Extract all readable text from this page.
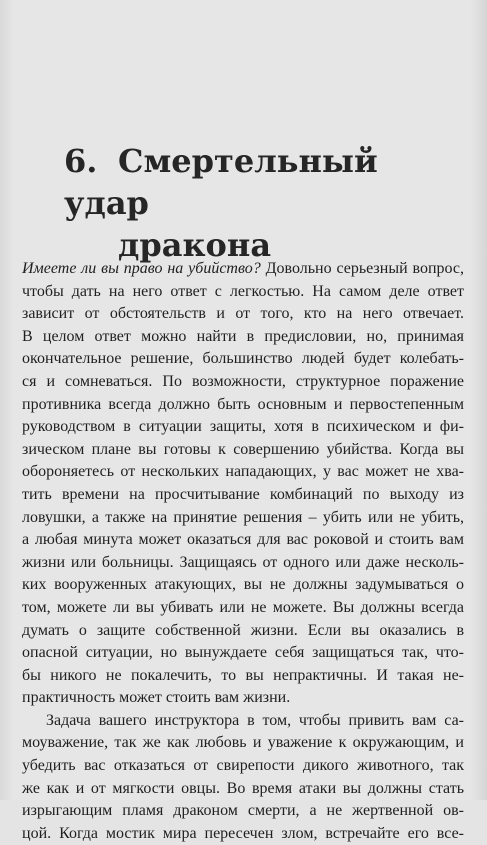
6. Смертельный удар
дракона

Имеете ли вы право на убийство? Довольно серьезный вопрос,
чтобы дать на него ответ с легкостью. На самом деле ответ
зависит от обстоятельств и от того, кто на него отвечает.
В целом ответ можно найти в предисловии, но, принимая
окончательное решение, большинство людей будет колебать-
ся и сомневаться. По возможности, структурное поражение
противника всегда должно быть основным и первостепенным
руководством в ситуации защиты, хотя в психическом и фи-
зическом плане вы готовы к совершению убийства. Когда вы
обороняетесь от нескольких нападающих, у вас может не хва-
тить времени на просчитывание комбинаций по выходу из
ловушки, а также на принятие решения – убить или не убить,
а любая минута может оказаться для вас роковой и стоить вам
жизни или больницы. Защищаясь от одного или даже несколь-
ких вооруженных атакующих, вы не должны задумываться о
том, можете ли вы убивать или не можете. Вы должны всегда
думать о защите собственной жизни. Если вы оказались в
опасной ситуации, но вынуждаете себя защищаться так, что-
бы никого не покалечить, то вы непрактичны. И такая не-
практичность может стоить вам жизни.

Задача вашего инструктора в том, чтобы привить вам са-
моуважение, так же как любовь и уважение к окружающим, и
убедить вас отказаться от свирепости дикого животного, так
же как и от мягкости овцы. Во время атаки вы должны стать
изрыгающим пламя драконом смерти, а не жертвенной ов-
цой. Когда мостик мира пересечен злом, встречайте его все-
